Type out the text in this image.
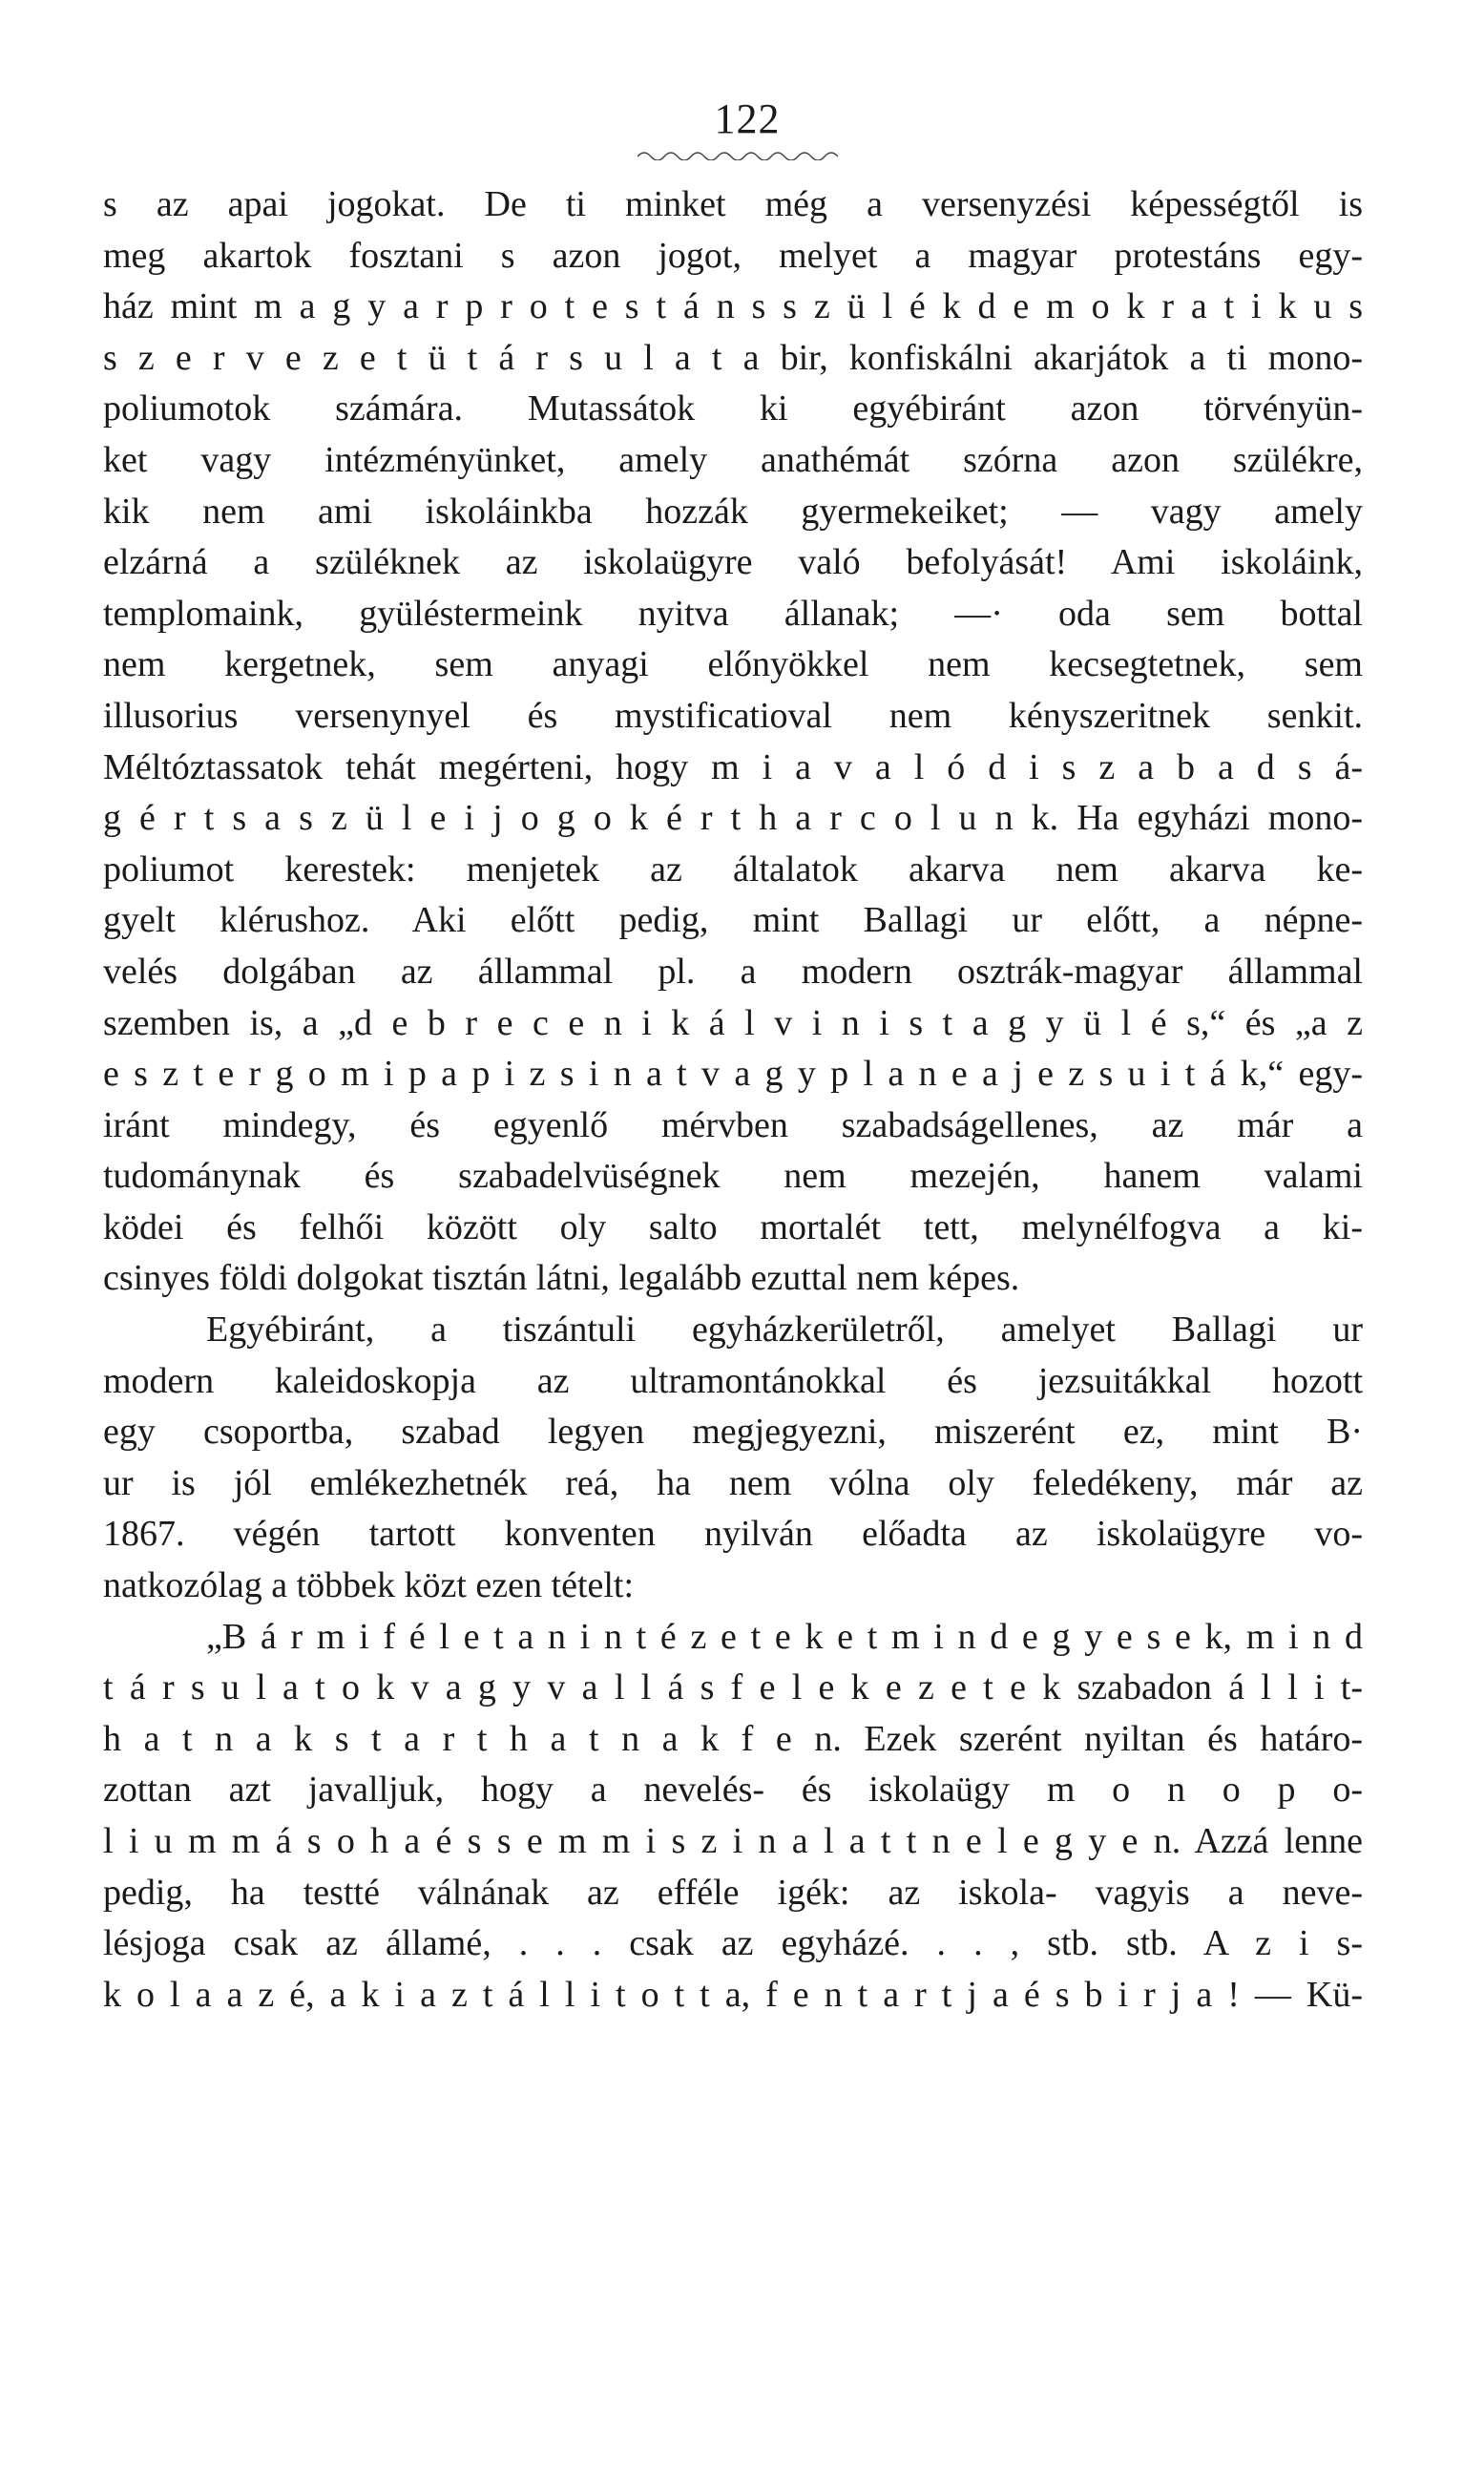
122
s az apai jogokat. De ti minket még a versenyzési képességtől is
meg akartok fosztani s azon jogot, melyet a magyar protestáns egy-
ház mint m a g y a r p r o t e s t á n s s z ü l é k d e m o k r a t i k u s
s z e r v e z e t ü t á r s u l a t a bir, konfiskálni akarjátok a ti mono-
poliumotok számára. Mutassátok ki egyébiránt azon törvényün-
ket vagy intézményünket, amely anathémát szórna azon szülékre,
kik nem ami iskoláinkba hozzák gyermekeiket; — vagy amely
elzárná a szüléknek az iskolaügyre való befolyását! Ami iskoláink,
templomaink, gyüléstermeink nyitva állanak; —· oda sem bottal
nem kergetnek, sem anyagi előnyökkel nem kecsegtetnek, sem
illusorius versenynyel és mystificatioval nem kényszeritnek senkit.
Méltóztassatok tehát megérteni, hogy m i a v a l ó d i s z a b a d s á-
g é r t s a s z ü l e i j o g o k é r t h a r c o l u n k. Ha egyházi mono-
poliumot kerestek: menjetek az általatok akarva nem akarva ke-
gyelt klérushoz. Aki előtt pedig, mint Ballagi ur előtt, a népne-
velés dolgában az állammal pl. a modern osztrák-magyar állammal
szemben is, a „d e b r e c e n i k á l v i n i s t a g y ü l é s,“ és „a z
e s z t e r g o m i p a p i z s i n a t v a g y p l a n e a j e z s u i t á k,“ egy-
iránt mindegy, és egyenlő mérvben szabadságellenes, az már a
tudománynak és szabadelvüségnek nem mezején, hanem valami
ködei és felhői között oly salto mortalét tett, melynélfogva a ki-
csinyes földi dolgokat tisztán látni, legalább ezuttal nem képes.
Egyébiránt, a tiszántuli egyházkerületről, amelyet Ballagi ur
modern kaleidoskopja az ultramontánokkal és jezsuitákkal hozott
egy csoportba, szabad legyen megjegyezni, miszerént ez, mint B·
ur is jól emlékezhetnék reá, ha nem vólna oly feledékeny, már az
1867. végén tartott konventen nyilván előadta az iskolaügyre vo-
natkozólag a többek közt ezen tételt:
„B á r m i f é l e t a n i n t é z e t e k e t m i n d e g y e s e k, m i n d
t á r s u l a t o k v a g y v a l l á s f e l e k e z e t e k szabadon á l l i t-
h a t n a k s t a r t h a t n a k f e n. Ezek szerént nyiltan és határo-
zottan azt javalljuk, hogy a nevelés- és iskolaügy m o n o p o-
l i u m m á s o h a é s s e m m i s z i n a l a t t n e l e g y e n. Azzá lenne
pedig, ha testté válnának az efféle igék: az iskola- vagyis a neve-
lésjoga csak az államé, . . . csak az egyházé. . . , stb. stb. A z i s-
k o l a a z é, a k i a z t á l l i t o t t a, f e n t a r t j a é s b i r j a ! — Kü-
